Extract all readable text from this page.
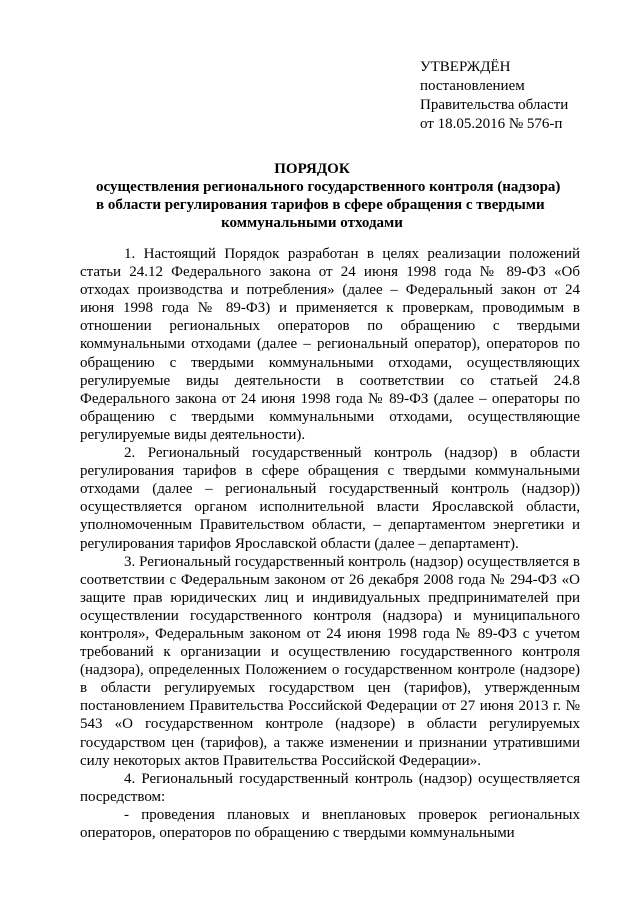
УТВЕРЖДЁН
постановлением
Правительства области
от 18.05.2016 № 576-п
ПОРЯДОК
осуществления регионального государственного контроля (надзора)
в области регулирования тарифов в сфере обращения с твердыми
коммунальными отходами

1. Настоящий Порядок разработан в целях реализации положений статьи 24.12 Федерального закона от 24 июня 1998 года № 89-ФЗ «Об отходах производства и потребления» (далее – Федеральный закон от 24 июня 1998 года № 89-ФЗ) и применяется к проверкам, проводимым в отношении региональных операторов по обращению с твердыми коммунальными отходами (далее – региональный оператор), операторов по обращению с твердыми коммунальными отходами, осуществляющих регулируемые виды деятельности в соответствии со статьей 24.8 Федерального закона от 24 июня 1998 года № 89-ФЗ (далее – операторы по обращению с твердыми коммунальными отходами, осуществляющие регулируемые виды деятельности).

2. Региональный государственный контроль (надзор) в области регулирования тарифов в сфере обращения с твердыми коммунальными отходами (далее – региональный государственный контроль (надзор)) осуществляется органом исполнительной власти Ярославской области, уполномоченным Правительством области, – департаментом энергетики и регулирования тарифов Ярославской области (далее – департамент).

3. Региональный государственный контроль (надзор) осуществляется в соответствии с Федеральным законом от 26 декабря 2008 года № 294-ФЗ «О защите прав юридических лиц и индивидуальных предпринимателей при осуществлении государственного контроля (надзора) и муниципального контроля», Федеральным законом от 24 июня 1998 года № 89-ФЗ с учетом требований к организации и осуществлению государственного контроля (надзора), определенных Положением о государственном контроле (надзоре) в области регулируемых государством цен (тарифов), утвержденным постановлением Правительства Российской Федерации от 27 июня 2013 г. № 543 «О государственном контроле (надзоре) в области регулируемых государством цен (тарифов), а также изменении и признании утратившими силу некоторых актов Правительства Российской Федерации».

4. Региональный государственный контроль (надзор) осуществляется посредством:

- проведения плановых и внеплановых проверок региональных операторов, операторов по обращению с твердыми коммунальными
